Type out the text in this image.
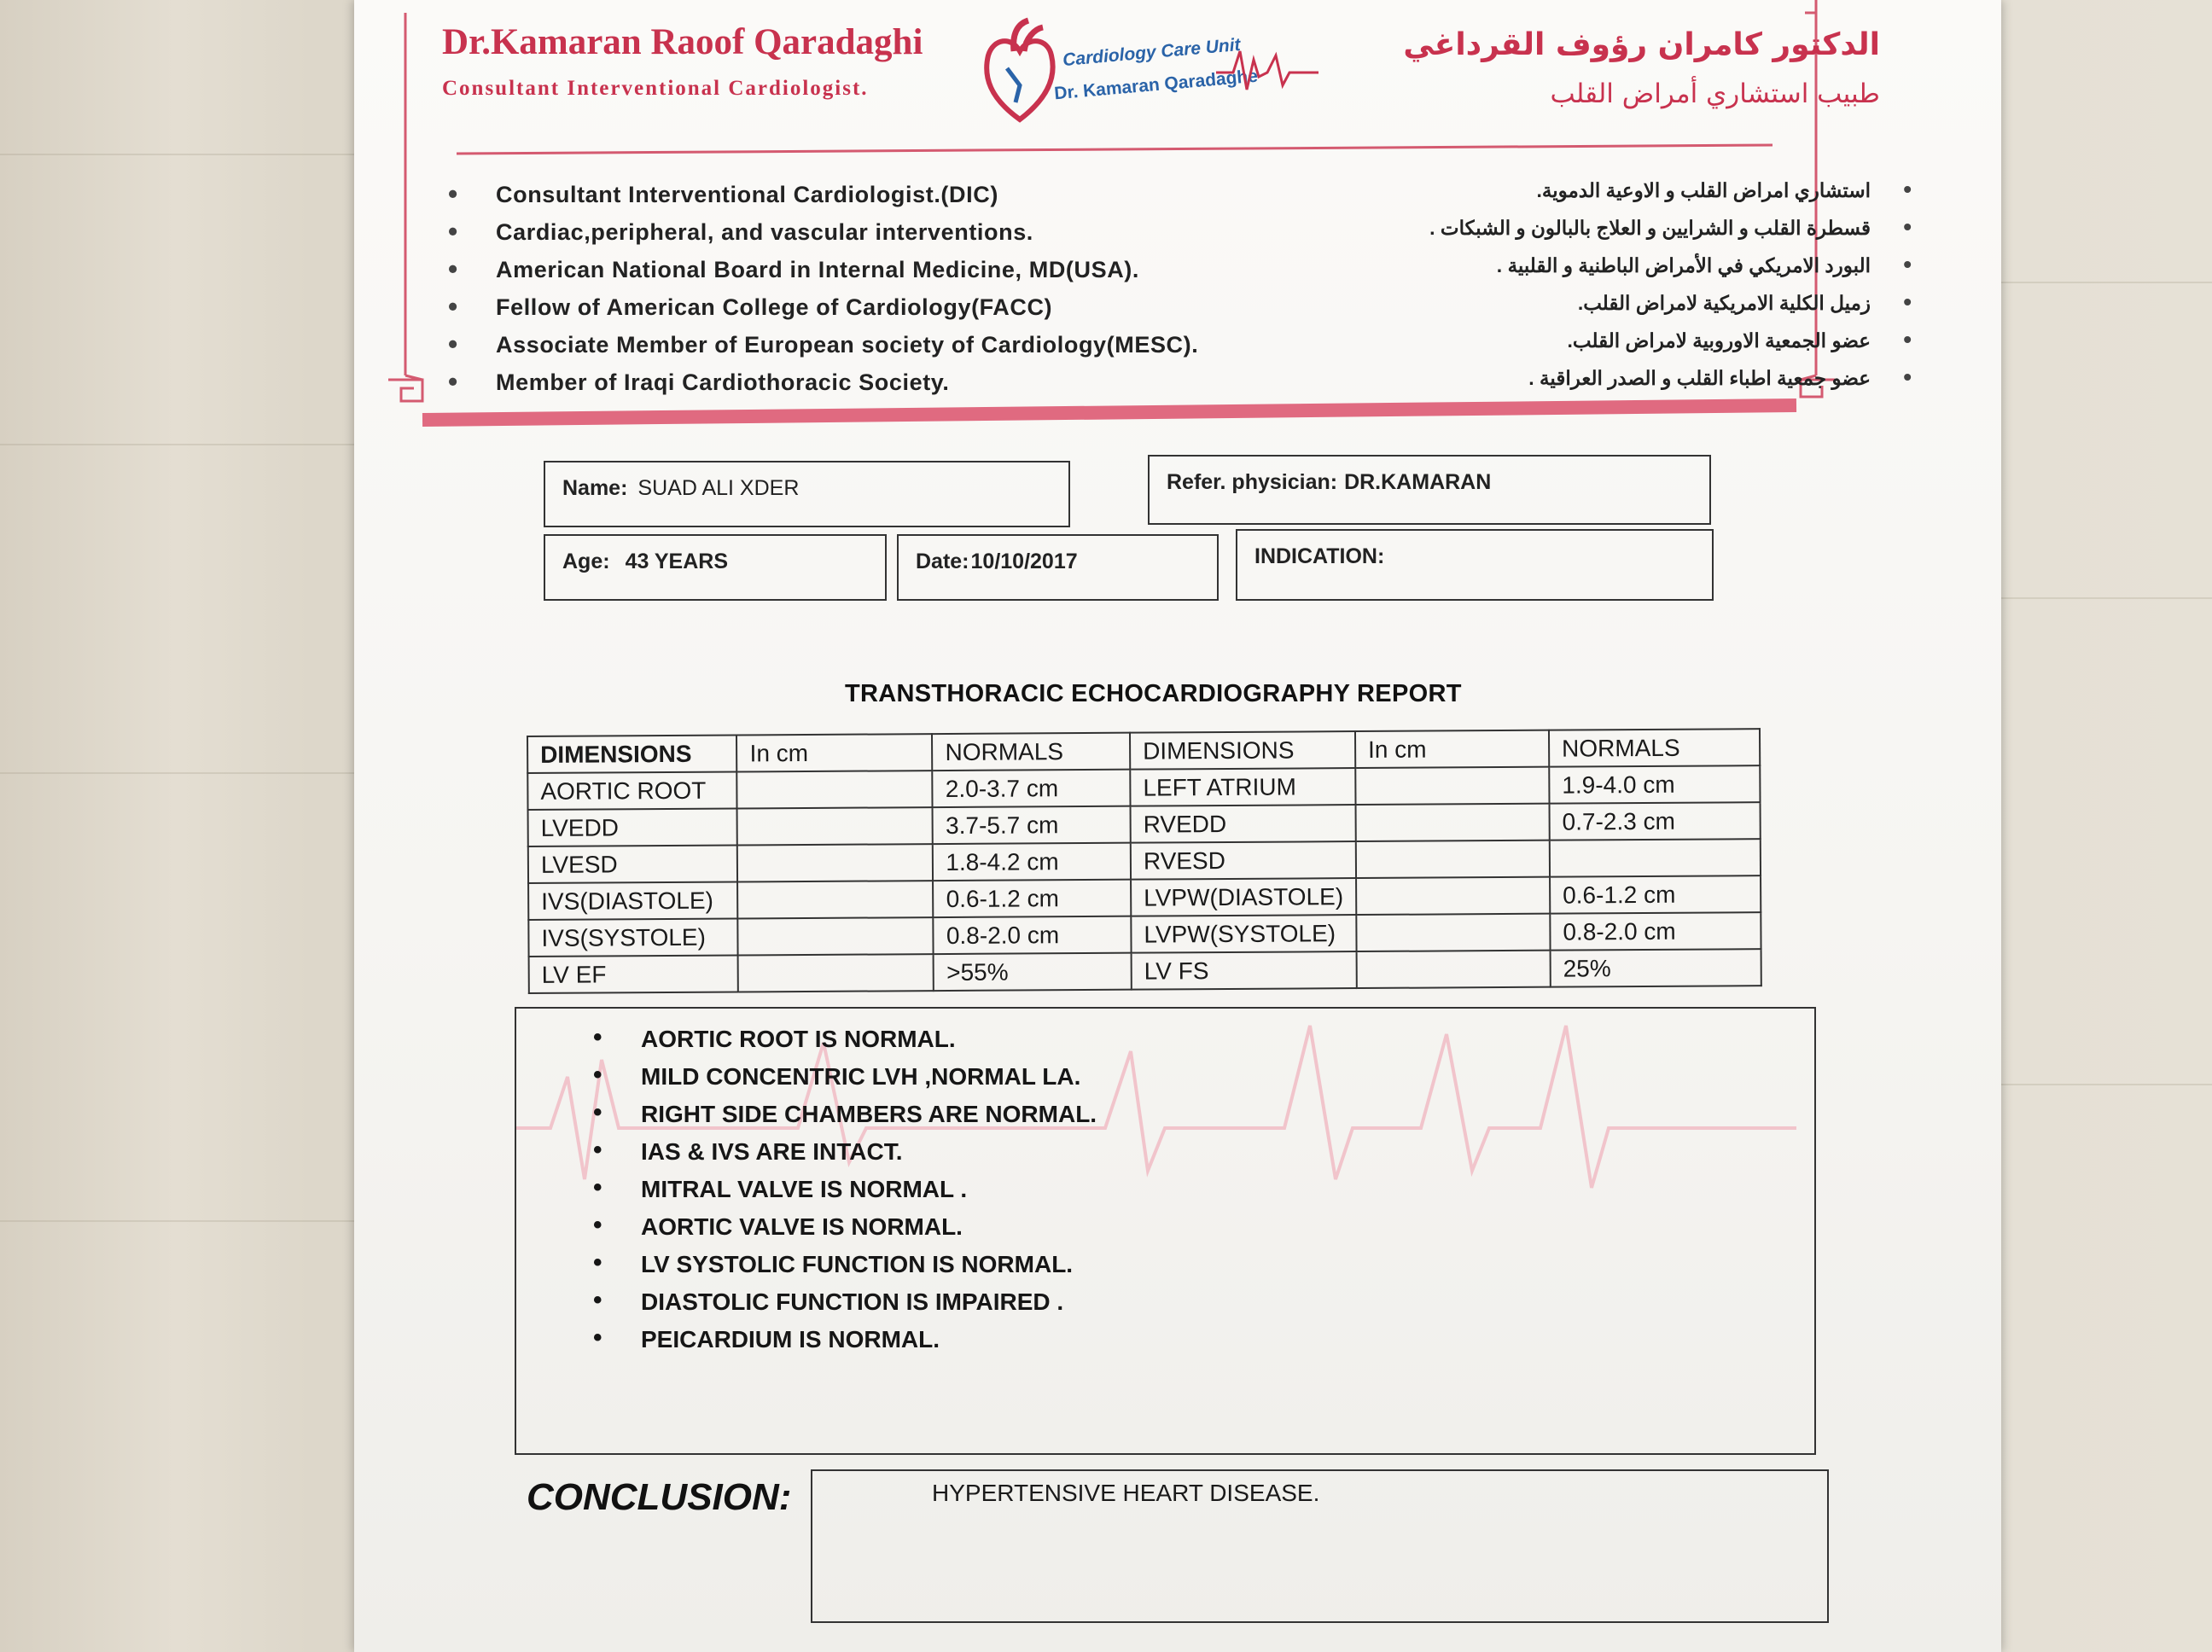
Dr.Kamaran Raoof Qaradaghi
Consultant Interventional Cardiologist.
الدكتور كامران رؤوف القرداغي
طبيب استشاري أمراض القلب
Cardiology Care Unit
Dr. Kamaran Qaradaghe
• Consultant Interventional Cardiologist.(DIC)
• Cardiac,peripheral, and vascular interventions.
• American National Board in Internal Medicine, MD(USA).
• Fellow of American College of Cardiology(FACC)
• Associate Member of European society of Cardiology(MESC).
• Member of Iraqi Cardiothoracic Society.
• استشاري امراض القلب و الاوعية الدموية.
• قسطرة القلب و الشرايين و العلاج بالبالون و الشبكات .
• البورد الامريكي في الأمراض الباطنية و القلبية .
• زميل الكلية الامريكية لامراض القلب.
• عضو الجمعية الاوروبية لامراض القلب.
• عضو جمعية اطباء القلب و الصدر العراقية .
Name: SUAD ALI XDER	Refer. physician: DR.KAMARAN
Age: 43 YEARS	Date:10/10/2017	INDICATION:
TRANSTHORACIC ECHOCARDIOGRAPHY REPORT
DIMENSIONS	In cm	NORMALS	DIMENSIONS	In cm	NORMALS
AORTIC ROOT		2.0-3.7 cm	LEFT ATRIUM		1.9-4.0 cm
LVEDD		3.7-5.7 cm	RVEDD		0.7-2.3 cm
LVESD		1.8-4.2 cm	RVESD		
IVS(DIASTOLE)		0.6-1.2 cm	LVPW(DIASTOLE)		0.6-1.2 cm
IVS(SYSTOLE)		0.8-2.0 cm	LVPW(SYSTOLE)		0.8-2.0 cm
LV EF		>55%	LV FS		25%
• AORTIC ROOT IS NORMAL.
• MILD CONCENTRIC LVH ,NORMAL LA.
• RIGHT SIDE CHAMBERS ARE NORMAL.
• IAS & IVS ARE INTACT.
• MITRAL VALVE IS NORMAL .
• AORTIC VALVE IS NORMAL.
• LV SYSTOLIC FUNCTION IS NORMAL.
• DIASTOLIC FUNCTION IS IMPAIRED .
• PEICARDIUM IS NORMAL.
CONCLUSION:	HYPERTENSIVE HEART DISEASE.
